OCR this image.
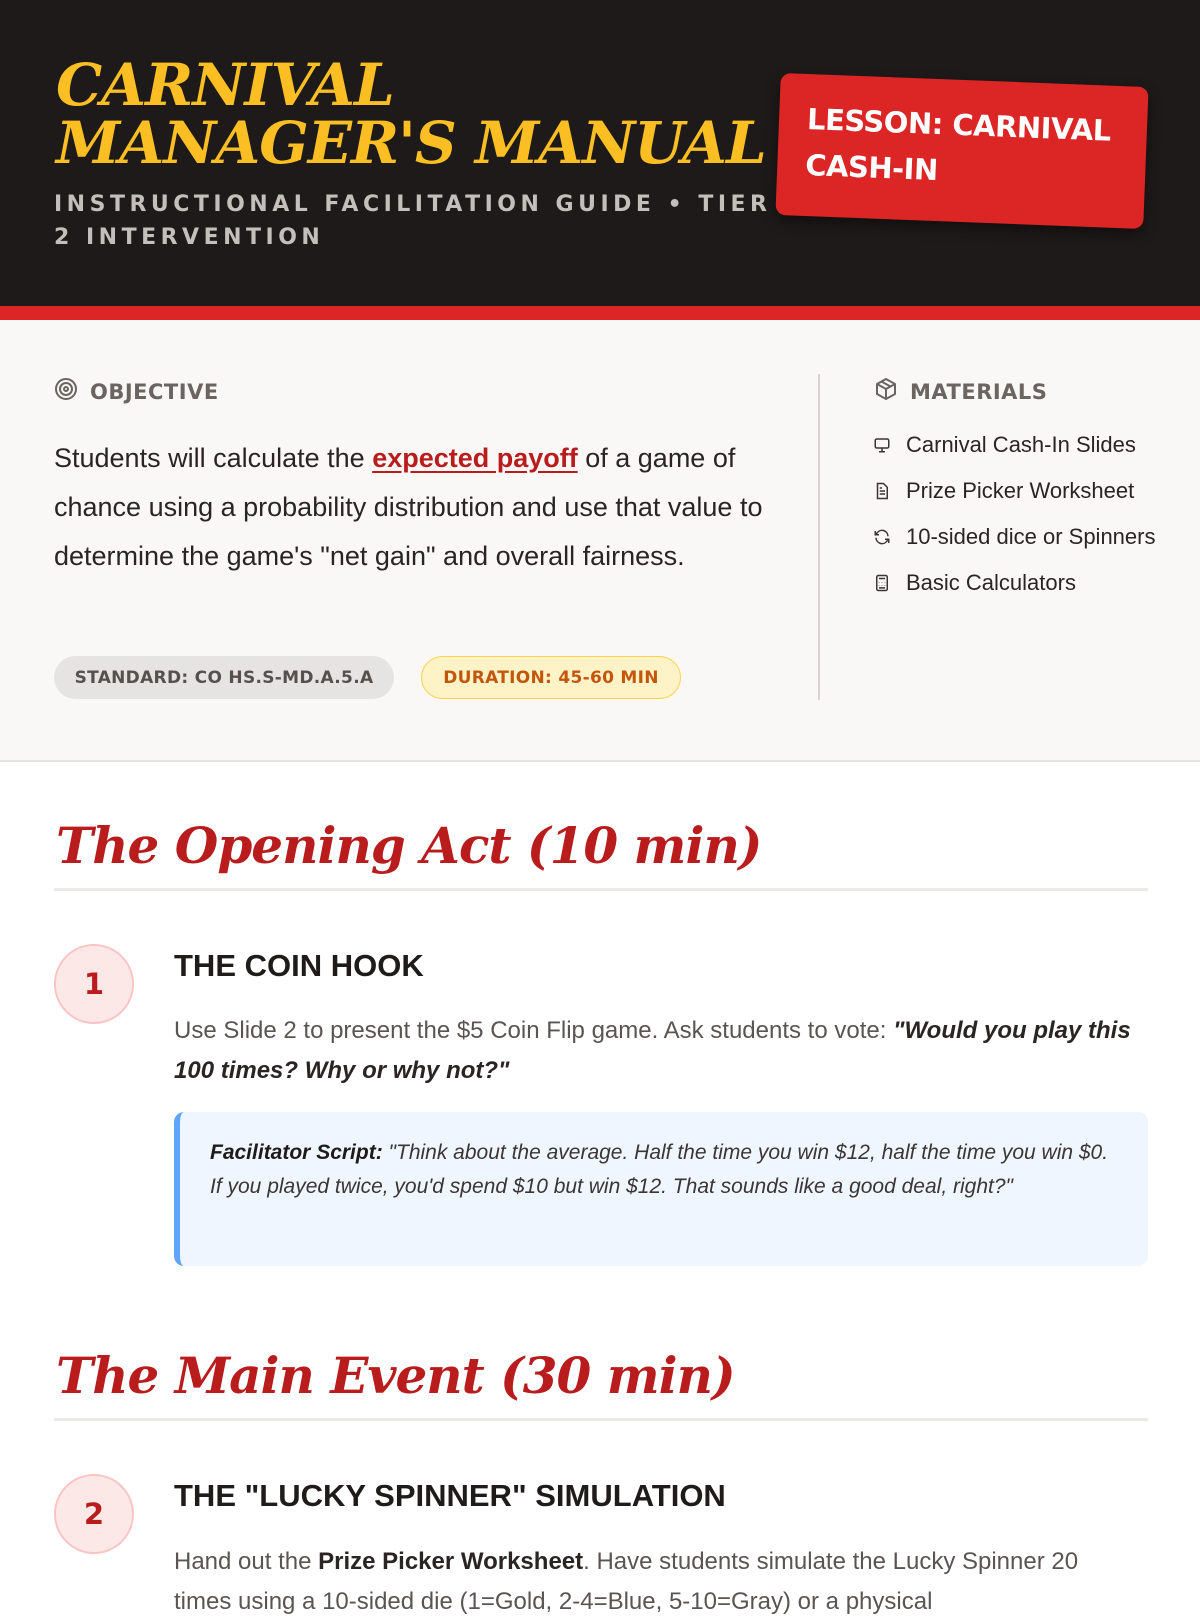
CARNIVAL MANAGER'S MANUAL
INSTRUCTIONAL FACILITATION GUIDE • TIER 2 INTERVENTION
LESSON: CARNIVAL CASH-IN
OBJECTIVE

Students will calculate the expected payoff of a game of chance using a probability distribution and use that value to determine the game's "net gain" and overall fairness.

STANDARD: CO HS.S-MD.A.5.A	DURATION: 45-60 MIN
MATERIALS
Carnival Cash-In Slides
Prize Picker Worksheet
10-sided dice or Spinners
Basic Calculators
The Opening Act (10 min)
1
THE COIN HOOK

Use Slide 2 to present the $5 Coin Flip game. Ask students to vote: "Would you play this 100 times? Why or why not?"

Facilitator Script: "Think about the average. Half the time you win $12, half the time you win $0. If you played twice, you'd spend $10 but win $12. That sounds like a good deal, right?"
The Main Event (30 min)
2
THE "LUCKY SPINNER" SIMULATION

Hand out the Prize Picker Worksheet. Have students simulate the Lucky Spinner 20 times using a 10-sided die (1=Gold, 2-4=Blue, 5-10=Gray) or a physical
